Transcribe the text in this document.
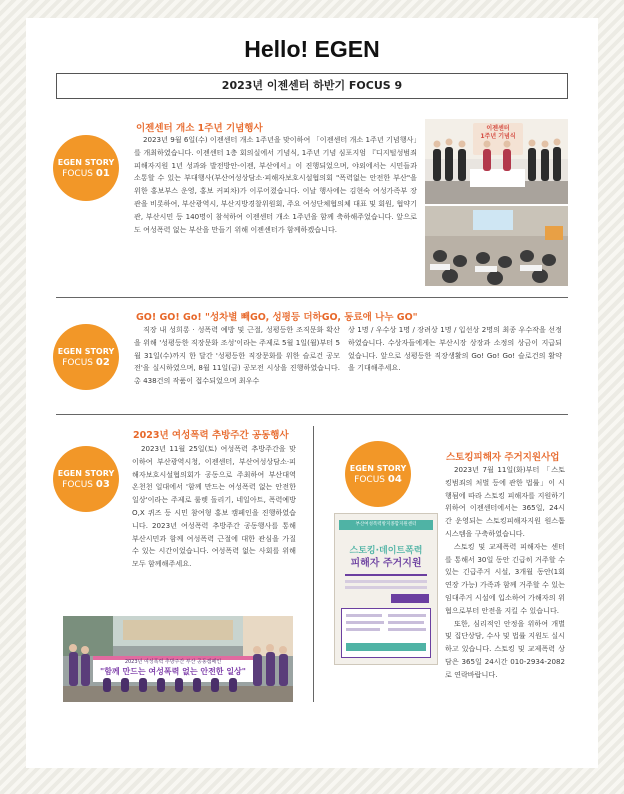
Hello! EGEN
2023년 이젠센터 하반기 FOCUS 9
EGEN STORY
FOCUS 01
이젠센터 개소 1주년 기념행사
2023년 9월 6일(수) 이젠센터 개소 1주년을 맞이하여 「이젠센터 개소 1주년 기념행사」를 개최하였습니다. 이젠센터 1층 회의실에서 기념식, 1주년 기념 심포지엄 『디지털성범죄 피해자지원 1년 성과와 발전방안-이젠, 부산에서』이 진행되었으며, 야외에서는 시민들과 소통할 수 있는 부대행사(부산여성상담소·피해자보호시설협의회 "폭력없는 안전한 부산"을 위한 홍보부스 운영, 홍보 커피차)가 이루어졌습니다. 이날 행사에는 김현숙 여성가족부 장관을 비롯하여, 부산광역시, 부산지방경찰위원회, 주요 여성단체협의체 대표 및 회원, 협약기관, 부산시민 등 140명이 참석하여 이젠센터 개소 1주년을 함께 축하해주었습니다. 앞으로도 여성폭력 없는 부산을 만들기 위해 이젠센터가 함께하겠습니다.
이젠센터
1주년 기념식
EGEN STORY
FOCUS 02
GO! GO! Go! "성차별 빼GO, 성평등 더하GO, 동료애 나누 GO"
직장 내 성희롱 · 성폭력 예방 및 근절, 성평등한 조직문화 확산을 위해 '성평등한 직장문화 조성'이라는 주제로 5월 1일(월)부터 5월 31일(수)까지 한 달간 '성평등한 직장문화를 위한 슬로건 공모전'을 실시하였으며, 8월 11일(금) 공모전 시상을 진행하였습니다. 총 438건의 작품이 접수되었으며 최우수
상 1명 / 우수상 1명 / 장려상 1명 / 입선상 2명의 최종 우수작을 선정하였습니다. 수상자들에게는 부산시장 상장과 소정의 상금이 지급되었습니다. 앞으로 성평등한 직장생활의 Go! Go! Go! 슬로건의 활약을 기대해주세요.
EGEN STORY
FOCUS 03
2023년 여성폭력 추방주간 공동행사
2023년 11월 25일(토) 여성폭력 추방주간을 맞이하여 부산광역시청, 이젠센터, 부산여성상담소·피해자보호시설협의회가 공동으로 주최하여 부산대역 온천천 일대에서 '함께 만드는 여성폭력 없는 안전한 일상'이라는 주제로 룰렛 돌리기, 네일아트, 폭력예방 O,X 퀴즈 등 시민 참여형 홍보 캠페인을 진행하였습니다. 2023년 여성폭력 추방주간 공동행사를 통해 부산시민과 함께 여성폭력 근절에 대한 관심을 가질 수 있는 시간이었습니다. 여성폭력 없는 사회를 위해 모두 함께해주세요.
2023년 여성폭력 추방주간 부산 공동캠페인
"함께 만드는 여성폭력 없는 안전한 일상"
EGEN STORY
FOCUS 04
스토킹피해자 주거지원사업

2023년 7월 11일(화)부터 「스토킹범죄의 처벌 등에 관한 법률」이 시행됨에 따라 스토킹 피해자를 지원하기 위하여 이젠센터에서는 365일, 24시간 운영되는 스토킹피해자지원 원스톱 시스템을 구축하였습니다.

스토킹 및 교제폭력 피해자는 센터를 통해서 30일 동안 긴급히 거주할 수 있는 긴급주거 시설, 3개월 동안(1회 연장 가능) 가족과 함께 거주할 수 있는 임대주거 시설에 입소하여 가해자의 위협으로부터 안전을 지킬 수 있습니다.

또한, 심리적인 안정을 위하여 개별 및 집단상담, 수사 및 법률 지원도 실시하고 있습니다. 스토킹 및 교제폭력 상담은 365일 24시간 010-2934-2082로 연락바랍니다.

부산여성폭력방지종합지원센터
스토킹·데이트폭력
피해자 주거지원
